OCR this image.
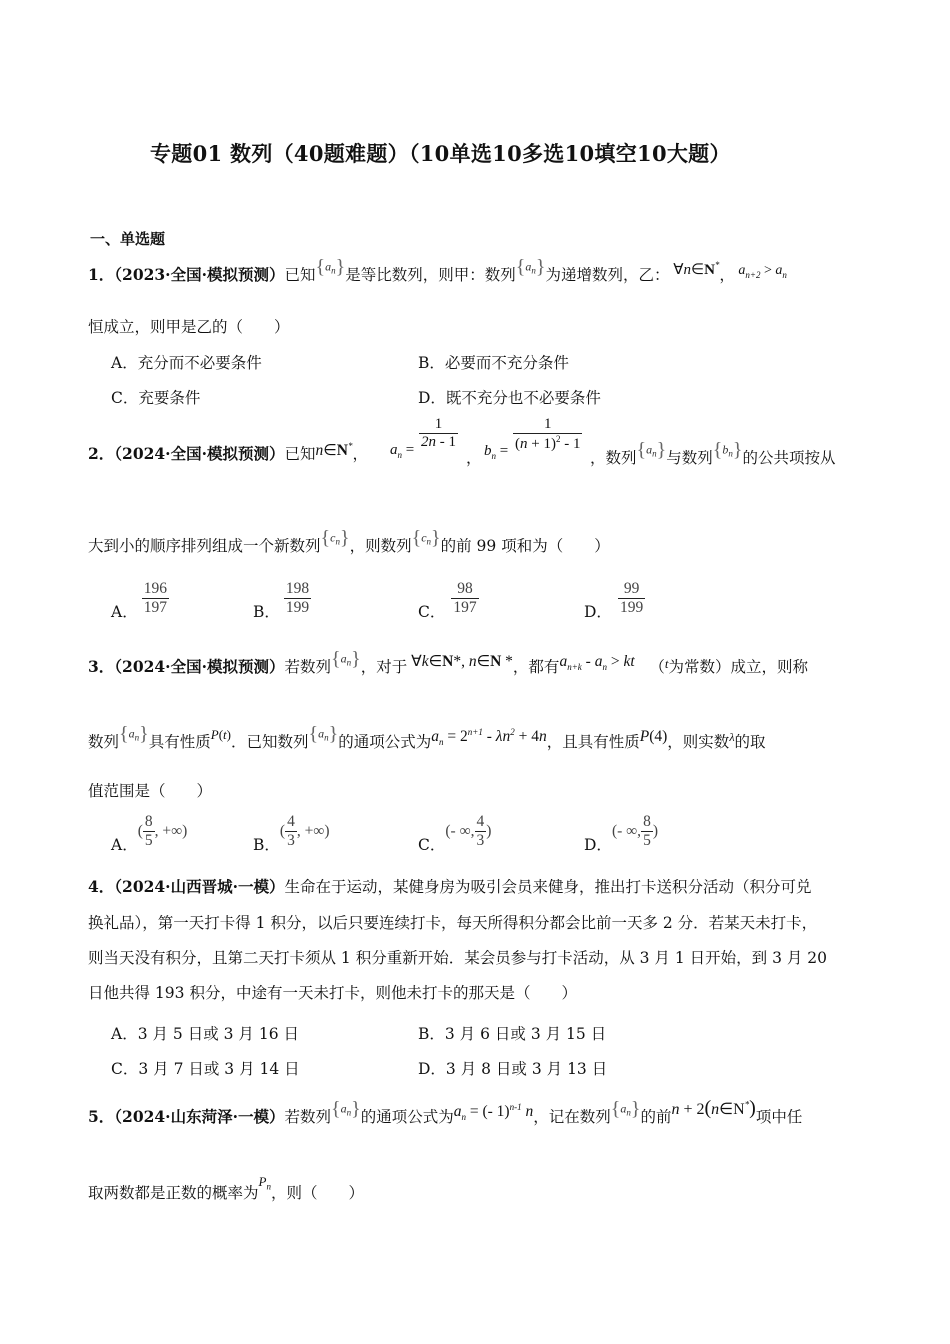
专题01 数列（40题难题）（10单选10多选10填空10大题）
一、单选题
1．（2023·全国·模拟预测）已知$\{a_n\}$是等比数列，则甲：数列$\{a_n\}$为递增数列，乙： ∀n∈N*， $a_{n+2} > a_n$
恒成立，则甲是乙的（　　）
A．充分而不必要条件	B．必要而不充分条件
C．充要条件	D．既不充分也不必要条件
2．（2024·全国·模拟预测）已知n∈N*， $a_n = \frac{1}{2n - 1}$
， $b_n = \frac{1}{(n + 1)^2 - 1}$
，数列$\{a_n\}$与数列$\{b_n\}$的公共项按从
大到小的顺序排列组成一个新数列$\{c_n\}$，则数列$\{c_n\}$的前 99 项和为（　　）
A． $\frac{196}{197}$	B． $\frac{198}{199}$	C． $\frac{98}{197}$	D． $\frac{99}{199}$
3．（2024·全国·模拟预测）若数列$\{a_n\}$，对于 ∀k∈N*, n∈N *，都有$a_{n+k} - a_n$ > kt （$^t$为常数）成立，则称
数列$\{a_n\}$具有性质$^{P(t)}$．已知数列$\{a_n\}$的通项公式为$a_n = 2^{n+1} - \lambda n^2 + 4n$，且具有性质P(4)，则实数$^\lambda$的取
值范围是（　　）
A．( $\frac{8}{5}$ , +∞)
B．( $\frac{4}{3}$ , +∞)
C．(- ∞, $\frac{4}{3}$ )
D．(- ∞, $\frac{8}{5}$ )
4．（2024·山西晋城·一模）生命在于运动，某健身房为吸引会员来健身，推出打卡送积分活动（积分可兑
换礼品），第一天打卡得 1 积分，以后只要连续打卡，每天所得积分都会比前一天多 2 分．若某天未打卡，
则当天没有积分，且第二天打卡须从 1 积分重新开始．某会员参与打卡活动，从 3 月 1 日开始，到 3 月 20
日他共得 193 积分，中途有一天未打卡，则他未打卡的那天是（　　）
A．3 月 5 日或 3 月 16 日	B．3 月 6 日或 3 月 15 日
C．3 月 7 日或 3 月 14 日	D．3 月 8 日或 3 月 13 日
5．（2024·山东菏泽·一模）若数列$\{a_n\}$的通项公式为$a_n$ = (- 1)$^{n-1}$ n，记在数列$\{a_n\}$的前n + 2(n∈N*)项中任
取两数都是正数的概率为$^{P_n}$，则（　　）
